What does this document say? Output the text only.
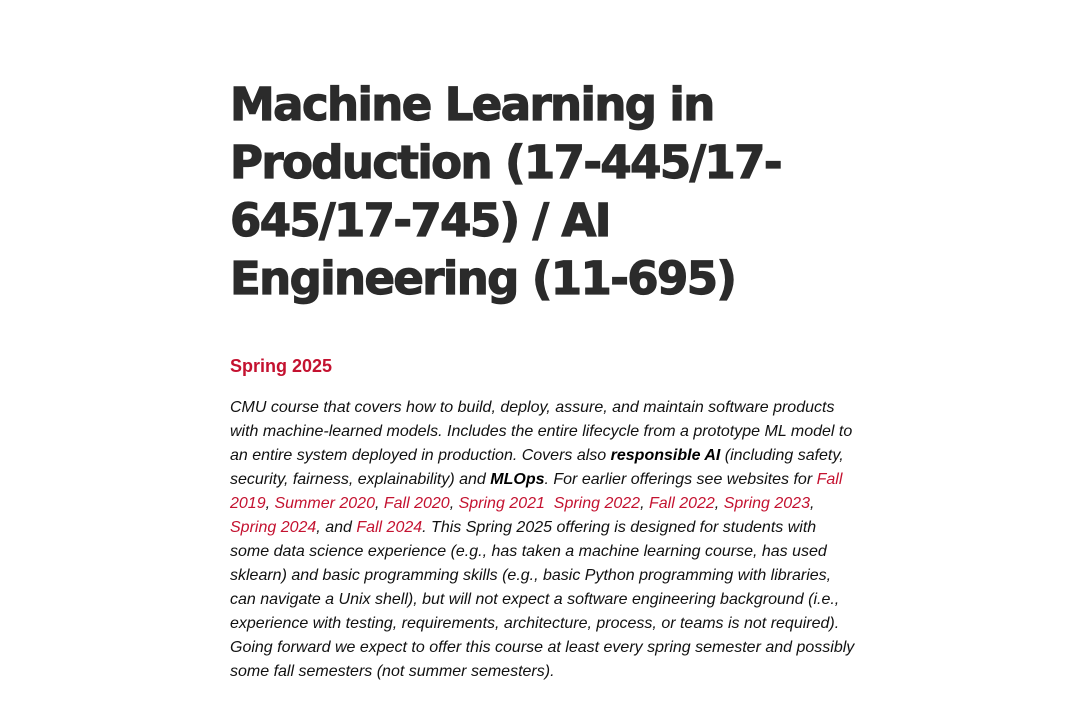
Machine Learning in Production (17-445/17-645/17-745) / AI Engineering (11-695)
Spring 2025

CMU course that covers how to build, deploy, assure, and maintain software products with machine-learned models. Includes the entire lifecycle from a prototype ML model to an entire system deployed in production. Covers also responsible AI (including safety, security, fairness, explainability) and MLOps. For earlier offerings see websites for Fall 2019, Summer 2020, Fall 2020, Spring 2021 Spring 2022, Fall 2022, Spring 2023, Spring 2024, and Fall 2024. This Spring 2025 offering is designed for students with some data science experience (e.g., has taken a machine learning course, has used sklearn) and basic programming skills (e.g., basic Python programming with libraries, can navigate a Unix shell), but will not expect a software engineering background (i.e., experience with testing, requirements, architecture, process, or teams is not required). Going forward we expect to offer this course at least every spring semester and possibly some fall semesters (not summer semesters).
